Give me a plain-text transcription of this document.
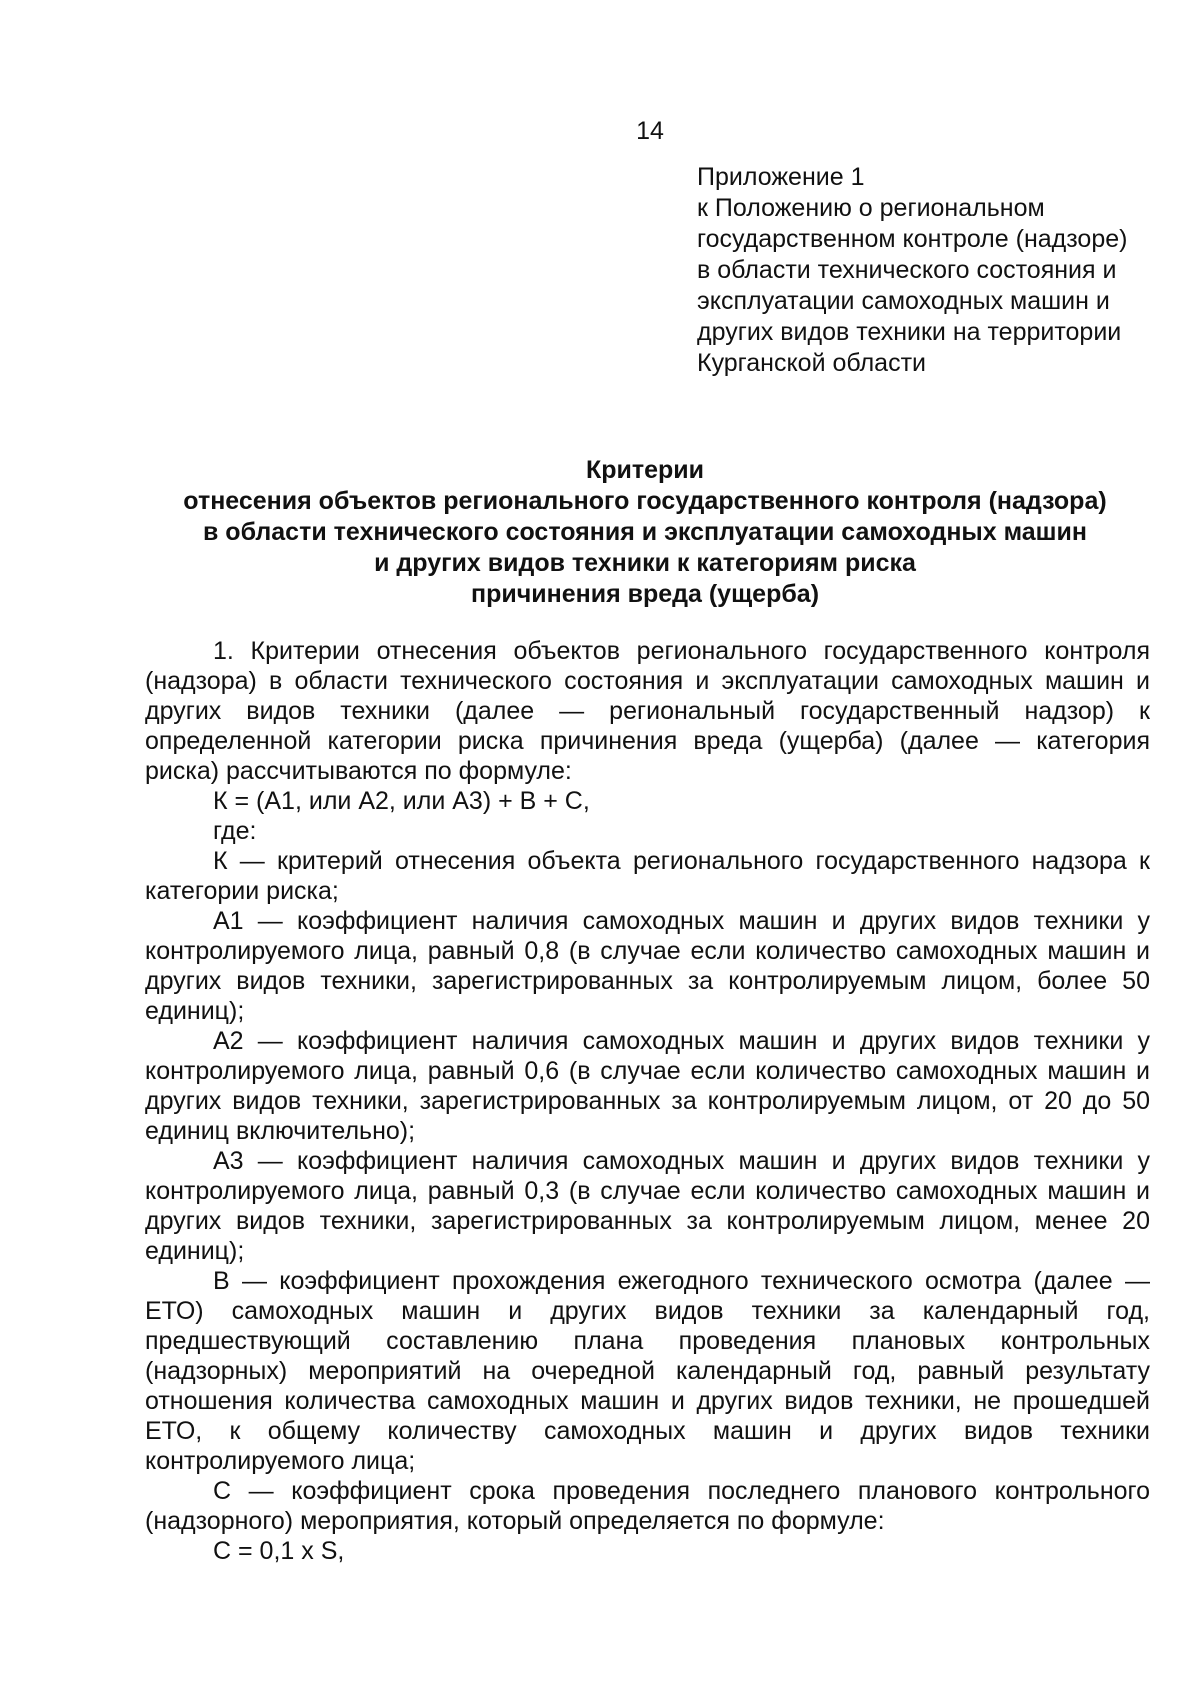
14
Приложение 1
к Положению о региональном
государственном контроле (надзоре)
в области технического состояния и
эксплуатации самоходных машин и
других видов техники на территории
Курганской области
Критерии
отнесения объектов регионального государственного контроля (надзора)
в области технического состояния и эксплуатации самоходных машин
и других видов техники к категориям риска
причинения вреда (ущерба)

1. Критерии отнесения объектов регионального государственного контроля (надзора) в области технического состояния и эксплуатации самоходных машин и других видов техники (далее — региональный государственный надзор) к определенной категории риска причинения вреда (ущерба) (далее — категория риска) рассчитываются по формуле:

К = (А1, или А2, или А3) + В + С,

где:

К — критерий отнесения объекта регионального государственного надзора к категории риска;

А1 — коэффициент наличия самоходных машин и других видов техники у контролируемого лица, равный 0,8 (в случае если количество самоходных машин и других видов техники, зарегистрированных за контролируемым лицом, более 50 единиц);

А2 — коэффициент наличия самоходных машин и других видов техники у контролируемого лица, равный 0,6 (в случае если количество самоходных машин и других видов техники, зарегистрированных за контролируемым лицом, от 20 до 50 единиц включительно);

А3 — коэффициент наличия самоходных машин и других видов техники у контролируемого лица, равный 0,3 (в случае если количество самоходных машин и других видов техники, зарегистрированных за контролируемым лицом, менее 20 единиц);

В — коэффициент прохождения ежегодного технического осмотра (далее — ЕТО) самоходных машин и других видов техники за календарный год, предшествующий составлению плана проведения плановых контрольных (надзорных) мероприятий на очередной календарный год, равный результату отношения количества самоходных машин и других видов техники, не прошедшей ЕТО, к общему количеству самоходных машин и других видов техники контролируемого лица;

С — коэффициент срока проведения последнего планового контрольного (надзорного) мероприятия, который определяется по формуле:

С = 0,1 х S,
